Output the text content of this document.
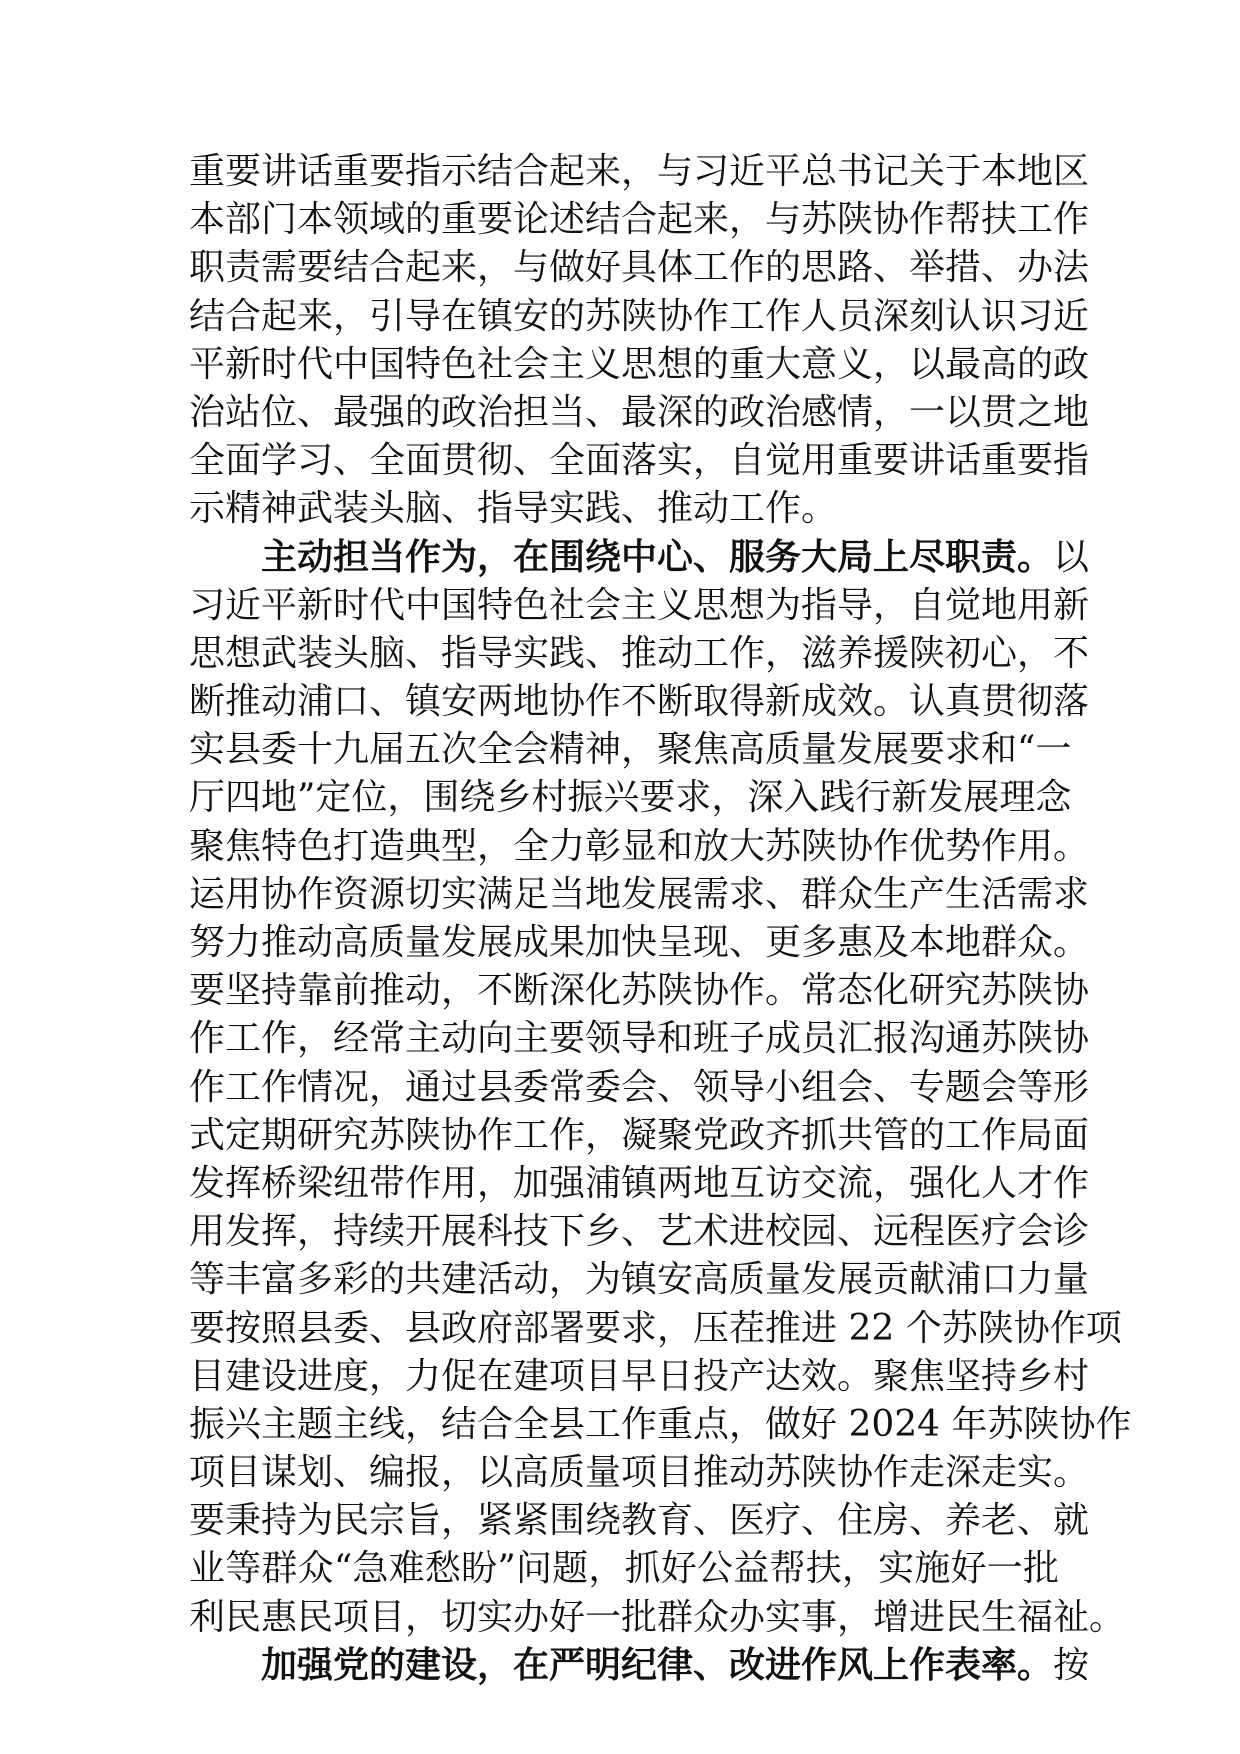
重要讲话重要指示结合起来，与习近平总书记关于本地区
本部门本领域的重要论述结合起来，与苏陕协作帮扶工作
职责需要结合起来，与做好具体工作的思路、举措、办法
结合起来，引导在镇安的苏陕协作工作人员深刻认识习近
平新时代中国特色社会主义思想的重大意义，以最高的政
治站位、最强的政治担当、最深的政治感情，一以贯之地
全面学习、全面贯彻、全面落实，自觉用重要讲话重要指
示精神武装头脑、指导实践、推动工作。
主动担当作为，在围绕中心、服务大局上尽职责。以
习近平新时代中国特色社会主义思想为指导，自觉地用新
思想武装头脑、指导实践、推动工作，滋养援陕初心，不
断推动浦口、镇安两地协作不断取得新成效。认真贯彻落
实县委十九届五次全会精神，聚焦高质量发展要求和“一
厅四地”定位，围绕乡村振兴要求，深入践行新发展理念
聚焦特色打造典型，全力彰显和放大苏陕协作优势作用。
运用协作资源切实满足当地发展需求、群众生产生活需求
努力推动高质量发展成果加快呈现、更多惠及本地群众。
要坚持靠前推动，不断深化苏陕协作。常态化研究苏陕协
作工作，经常主动向主要领导和班子成员汇报沟通苏陕协
作工作情况，通过县委常委会、领导小组会、专题会等形
式定期研究苏陕协作工作，凝聚党政齐抓共管的工作局面
发挥桥梁纽带作用，加强浦镇两地互访交流，强化人才作
用发挥，持续开展科技下乡、艺术进校园、远程医疗会诊
等丰富多彩的共建活动，为镇安高质量发展贡献浦口力量
要按照县委、县政府部署要求，压茬推进 22 个苏陕协作项
目建设进度，力促在建项目早日投产达效。聚焦坚持乡村
振兴主题主线，结合全县工作重点，做好 2024 年苏陕协作
项目谋划、编报，以高质量项目推动苏陕协作走深走实。
要秉持为民宗旨，紧紧围绕教育、医疗、住房、养老、就
业等群众“急难愁盼”问题，抓好公益帮扶，实施好一批
利民惠民项目，切实办好一批群众办实事，增进民生福祉。
加强党的建设，在严明纪律、改进作风上作表率。按
